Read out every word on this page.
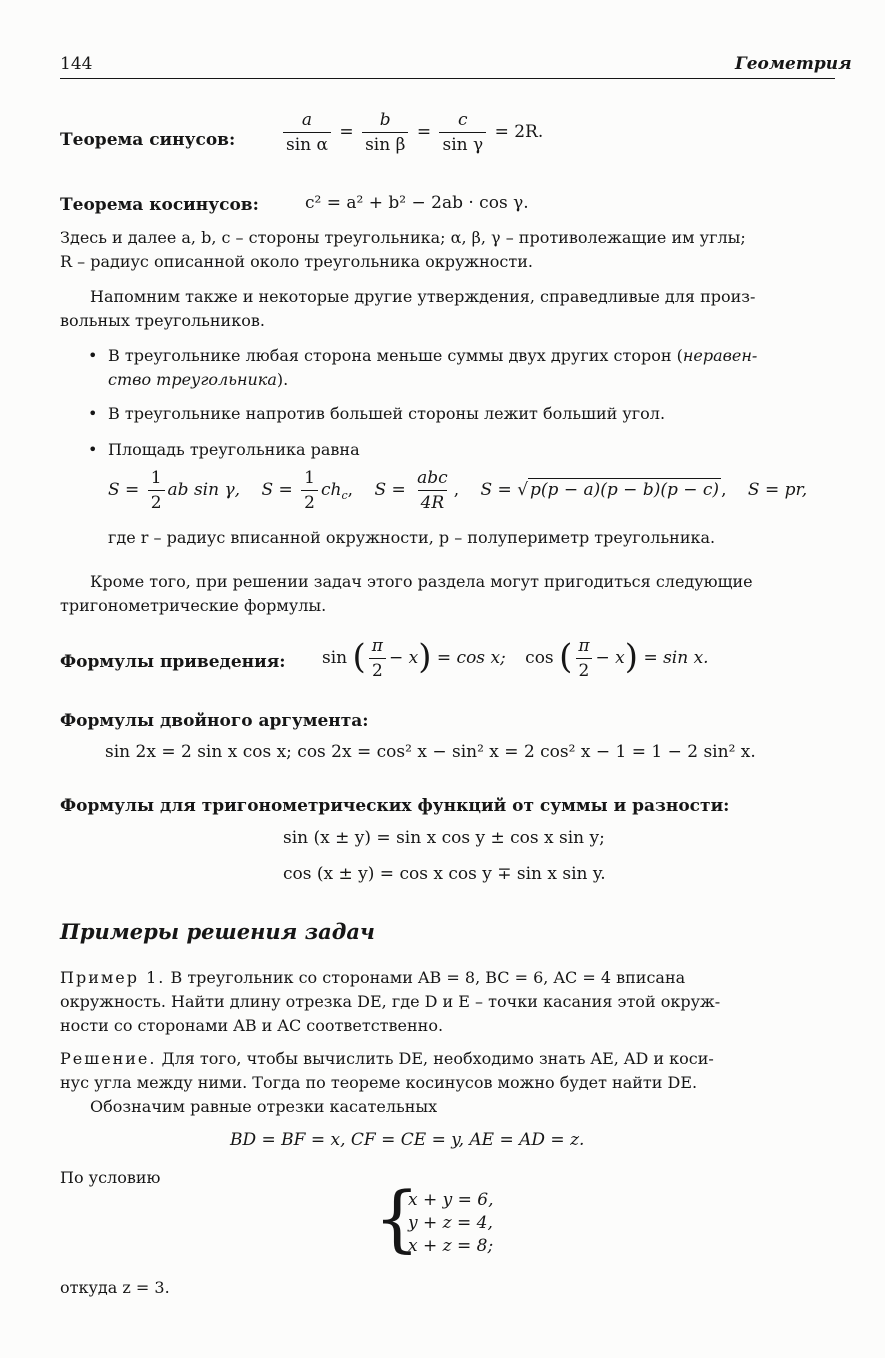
144	Геометрия
Теорема синусов:	$\frac{a}{\text{sin α}} = \frac{b}{\text{sin β}} = \frac{c}{\text{sin γ}} = 2R$.
Теорема косинусов:	c² = a² + b² − 2ab · cos γ.
Здесь и далее a, b, c – стороны треугольника; α, β, γ – противолежащие им углы;
R – радиус описанной около треугольника окружности.
Напомним также и некоторые другие утверждения, справедливые для произ-
вольных треугольников.
• В треугольнике любая сторона меньше суммы двух других сторон (неравен-
ство треугольника).
• В треугольнике напротив большей стороны лежит больший угол.
• Площадь треугольника равна
$S = \frac{1}{2}$ ab sin γ, $S = \frac{1}{2} ch_c$, $S = \frac{\text{abc}}{4R}$ , S = √ p(p − a)(p − b)(p − c) , S = pr,
где r – радиус вписанной окружности, p – полупериметр треугольника.
Кроме того, при решении задач этого раздела могут пригодиться следующие
тригонометрические формулы.
Формулы приведения: sin ( $\frac{\pi}{2} - x) = \cos x$; cos ( $\frac{\pi}{2} - x) = \sin x$.
Формулы двойного аргумента:
sin 2x = 2 sin x cos x; cos 2x = cos² x − sin² x = 2 cos² x − 1 = 1 − 2 sin² x.
Формулы для тригонометрических функций от суммы и разности:
sin (x ± y) = sin x cos y ± cos x sin y;
cos (x ± y) = cos x cos y ∓ sin x sin y.
Примеры решения задач
Пример 1. В треугольник со сторонами AB = 8, BC = 6, AC = 4 вписана
окружность. Найти длину отрезка DE, где D и E – точки касания этой окруж-
ности со сторонами AB и AC соответственно.
Решение. Для того, чтобы вычислить DE, необходимо знать AE, AD и коси-
нус угла между ними. Тогда по теореме косинусов можно будет найти DE.
Обозначим равные отрезки касательных
BD = BF = x, CF = CE = y, AE = AD = z.
По условию	{
x + y = 6,
y + z = 4,
x + z = 8;
откуда z = 3.
